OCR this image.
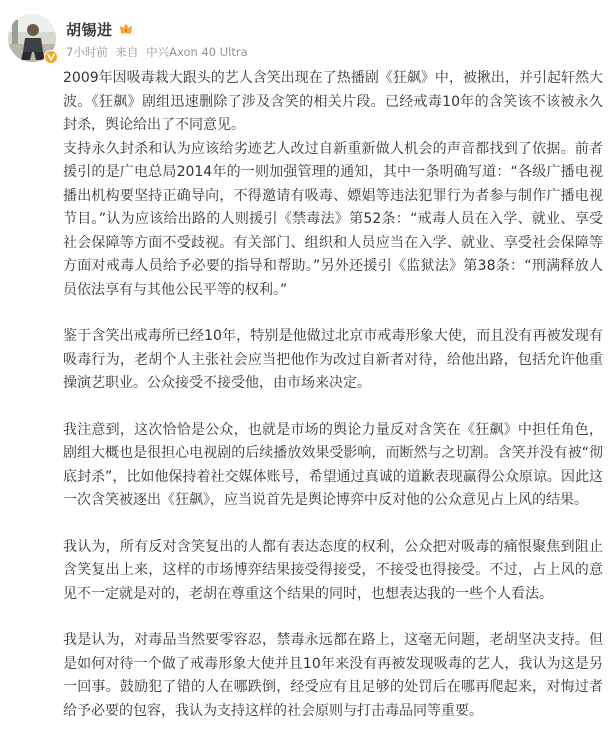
胡锡进
7小时前 来自 中兴Axon 40 Ultra

2009年因吸毒栽大跟头的艺人含笑出现在了热播剧《狂飙》中，被揪出，并引起轩然大波。《狂飙》剧组迅速删除了涉及含笑的相关片段。已经戒毒10年的含笑该不该被永久封杀，舆论给出了不同意见。

支持永久封杀和认为应该给劣迹艺人改过自新重新做人机会的声音都找到了依据。前者援引的是广电总局2014年的一则加强管理的通知，其中一条明确写道：“各级广播电视播出机构要坚持正确导向，不得邀请有吸毒、嫖娼等违法犯罪行为者参与制作广播电视节目。”认为应该给出路的人则援引《禁毒法》第52条：“戒毒人员在入学、就业、享受社会保障等方面不受歧视。有关部门、组织和人员应当在入学、就业、享受社会保障等方面对戒毒人员给予必要的指导和帮助。”另外还援引《监狱法》第38条：“刑满释放人员依法享有与其他公民平等的权利。”

鉴于含笑出戒毒所已经10年，特别是他做过北京市戒毒形象大使，而且没有再被发现有吸毒行为，老胡个人主张社会应当把他作为改过自新者对待，给他出路，包括允许他重操演艺职业。公众接受不接受他，由市场来决定。

我注意到，这次恰恰是公众，也就是市场的舆论力量反对含笑在《狂飙》中担任角色，剧组大概也是很担心电视剧的后续播放效果受影响，而断然与之切割。含笑并没有被“彻底封杀”，比如他保持着社交媒体账号，希望通过真诚的道歉表现赢得公众原谅。因此这一次含笑被逐出《狂飙》，应当说首先是舆论博弈中反对他的公众意见占上风的结果。

我认为，所有反对含笑复出的人都有表达态度的权利，公众把对吸毒的痛恨聚焦到阻止含笑复出上来，这样的市场博弈结果接受得接受，不接受也得接受。不过，占上风的意见不一定就是对的，老胡在尊重这个结果的同时，也想表达我的一些个人看法。

我是认为，对毒品当然要零容忍，禁毒永远都在路上，这毫无问题，老胡坚决支持。但是如何对待一个做了戒毒形象大使并且10年来没有再被发现吸毒的艺人，我认为这是另一回事。鼓励犯了错的人在哪跌倒，经受应有且足够的处罚后在哪再爬起来，对悔过者给予必要的包容，我认为支持这样的社会原则与打击毒品同等重要。
